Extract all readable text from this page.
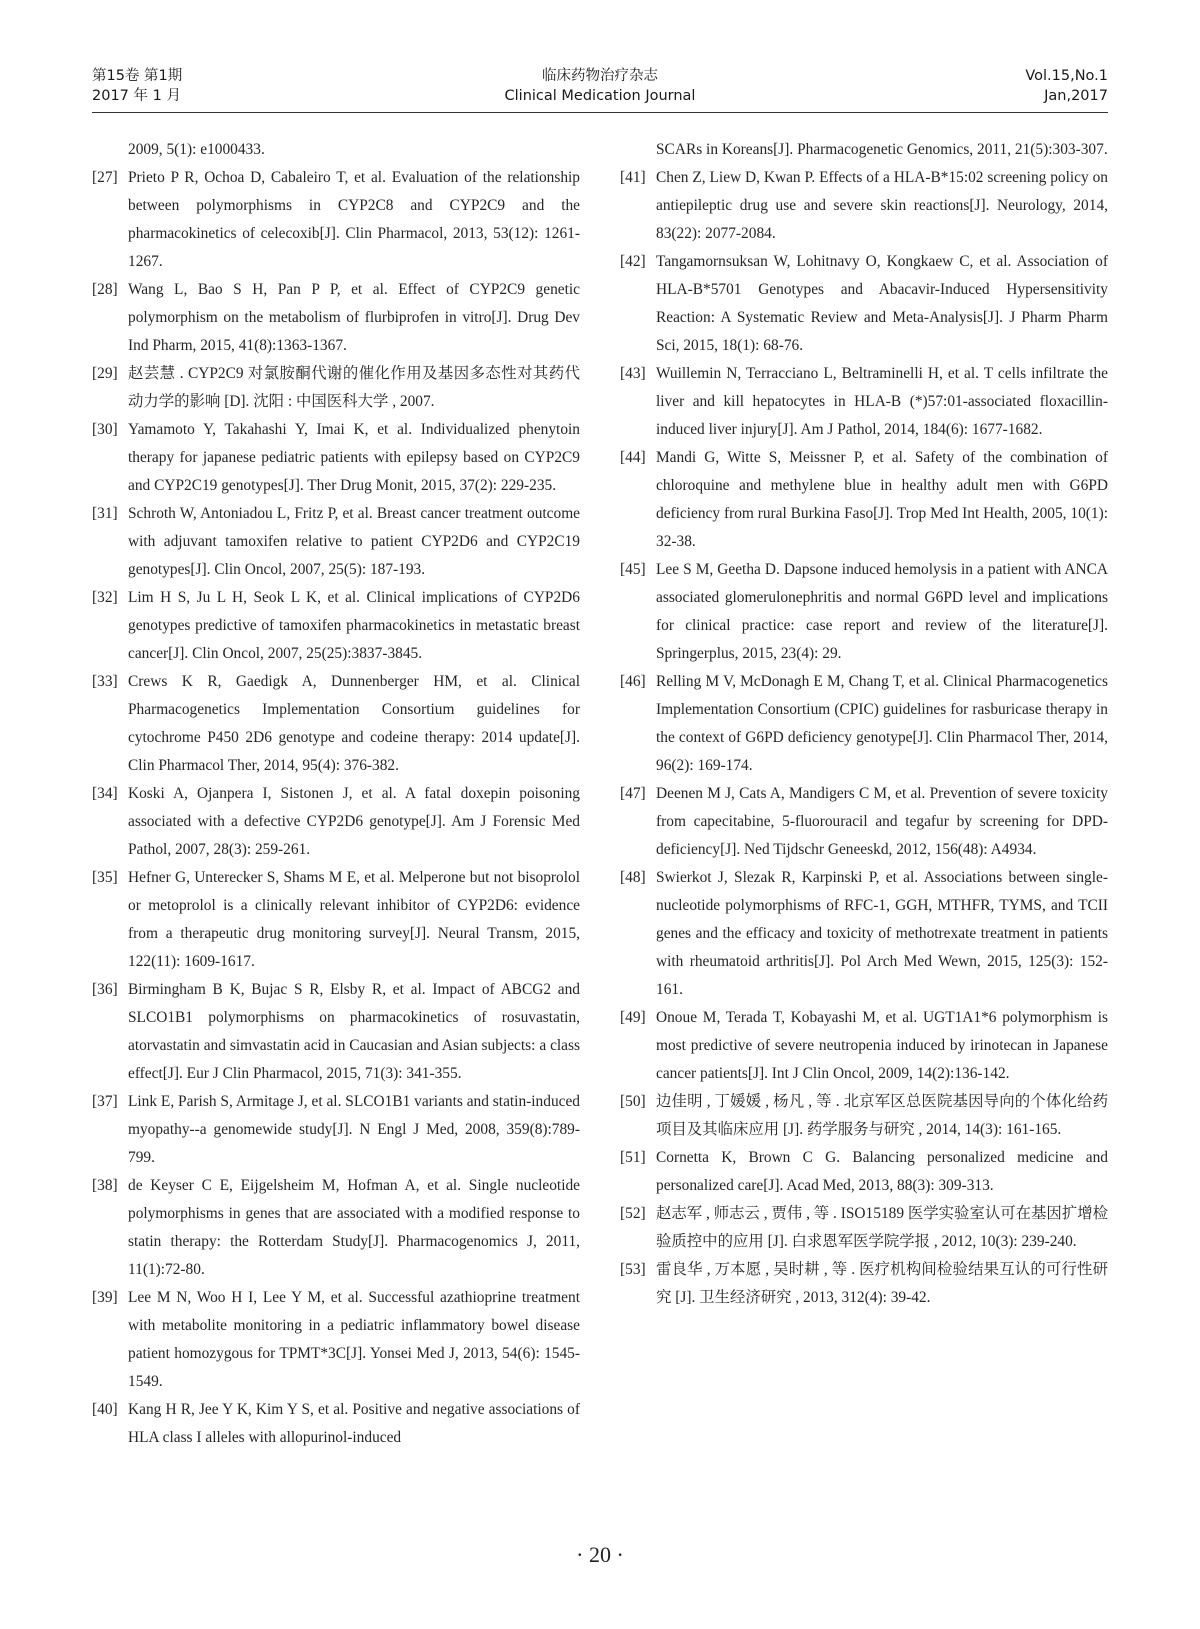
第15卷 第1期
2017 年 1 月
临床药物治疗杂志
Clinical Medication Journal
Vol.15,No.1
Jan,2017

2009, 5(1): e1000433.

[27] Prieto P R, Ochoa D, Cabaleiro T, et al. Evaluation of the relationship between polymorphisms in CYP2C8 and CYP2C9 and the pharmacokinetics of celecoxib[J]. Clin Pharmacol, 2013, 53(12): 1261-1267.

[28] Wang L, Bao S H, Pan P P, et al. Effect of CYP2C9 genetic polymorphism on the metabolism of flurbiprofen in vitro[J]. Drug Dev Ind Pharm, 2015, 41(8):1363-1367.

[29] 赵芸慧 . CYP2C9 对氯胺酮代谢的催化作用及基因多态性对其药代动力学的影响 [D]. 沈阳 : 中国医科大学 , 2007.

[30] Yamamoto Y, Takahashi Y, Imai K, et al. Individualized phenytoin therapy for japanese pediatric patients with epilepsy based on CYP2C9 and CYP2C19 genotypes[J]. Ther Drug Monit, 2015, 37(2): 229-235.

[31] Schroth W, Antoniadou L, Fritz P, et al. Breast cancer treatment outcome with adjuvant tamoxifen relative to patient CYP2D6 and CYP2C19 genotypes[J]. Clin Oncol, 2007, 25(5): 187-193.

[32] Lim H S, Ju L H, Seok L K, et al. Clinical implications of CYP2D6 genotypes predictive of tamoxifen pharmacokinetics in metastatic breast cancer[J]. Clin Oncol, 2007, 25(25):3837-3845.

[33] Crews K R, Gaedigk A, Dunnenberger HM, et al. Clinical Pharmacogenetics Implementation Consortium guidelines for cytochrome P450 2D6 genotype and codeine therapy: 2014 update[J]. Clin Pharmacol Ther, 2014, 95(4): 376-382.

[34] Koski A, Ojanpera I, Sistonen J, et al. A fatal doxepin poisoning associated with a defective CYP2D6 genotype[J]. Am J Forensic Med Pathol, 2007, 28(3): 259-261.

[35] Hefner G, Unterecker S, Shams M E, et al. Melperone but not bisoprolol or metoprolol is a clinically relevant inhibitor of CYP2D6: evidence from a therapeutic drug monitoring survey[J]. Neural Transm, 2015, 122(11): 1609-1617.

[36] Birmingham B K, Bujac S R, Elsby R, et al. Impact of ABCG2 and SLCO1B1 polymorphisms on pharmacokinetics of rosuvastatin, atorvastatin and simvastatin acid in Caucasian and Asian subjects: a class effect[J]. Eur J Clin Pharmacol, 2015, 71(3): 341-355.

[37] Link E, Parish S, Armitage J, et al. SLCO1B1 variants and statin-induced myopathy--a genomewide study[J]. N Engl J Med, 2008, 359(8):789-799.

[38] de Keyser C E, Eijgelsheim M, Hofman A, et al. Single nucleotide polymorphisms in genes that are associated with a modified response to statin therapy: the Rotterdam Study[J]. Pharmacogenomics J, 2011, 11(1):72-80.

[39] Lee M N, Woo H I, Lee Y M, et al. Successful azathioprine treatment with metabolite monitoring in a pediatric inflammatory bowel disease patient homozygous for TPMT*3C[J]. Yonsei Med J, 2013, 54(6): 1545-1549.

[40] Kang H R, Jee Y K, Kim Y S, et al. Positive and negative associations of HLA class I alleles with allopurinol-induced

SCARs in Koreans[J]. Pharmacogenetic Genomics, 2011, 21(5):303-307.

[41] Chen Z, Liew D, Kwan P. Effects of a HLA-B*15:02 screening policy on antiepileptic drug use and severe skin reactions[J]. Neurology, 2014, 83(22): 2077-2084.

[42] Tangamornsuksan W, Lohitnavy O, Kongkaew C, et al. Association of HLA-B*5701 Genotypes and Abacavir-Induced Hypersensitivity Reaction: A Systematic Review and Meta-Analysis[J]. J Pharm Pharm Sci, 2015, 18(1): 68-76.

[43] Wuillemin N, Terracciano L, Beltraminelli H, et al. T cells infiltrate the liver and kill hepatocytes in HLA-B (*)57:01-associated floxacillin-induced liver injury[J]. Am J Pathol, 2014, 184(6): 1677-1682.

[44] Mandi G, Witte S, Meissner P, et al. Safety of the combination of chloroquine and methylene blue in healthy adult men with G6PD deficiency from rural Burkina Faso[J]. Trop Med Int Health, 2005, 10(1): 32-38.

[45] Lee S M, Geetha D. Dapsone induced hemolysis in a patient with ANCA associated glomerulonephritis and normal G6PD level and implications for clinical practice: case report and review of the literature[J]. Springerplus, 2015, 23(4): 29.

[46] Relling M V, McDonagh E M, Chang T, et al. Clinical Pharmacogenetics Implementation Consortium (CPIC) guidelines for rasburicase therapy in the context of G6PD deficiency genotype[J]. Clin Pharmacol Ther, 2014, 96(2): 169-174.

[47] Deenen M J, Cats A, Mandigers C M, et al. Prevention of severe toxicity from capecitabine, 5-fluorouracil and tegafur by screening for DPD-deficiency[J]. Ned Tijdschr Geneeskd, 2012, 156(48): A4934.

[48] Swierkot J, Slezak R, Karpinski P, et al. Associations between single-nucleotide polymorphisms of RFC-1, GGH, MTHFR, TYMS, and TCII genes and the efficacy and toxicity of methotrexate treatment in patients with rheumatoid arthritis[J]. Pol Arch Med Wewn, 2015, 125(3): 152-161.

[49] Onoue M, Terada T, Kobayashi M, et al. UGT1A1*6 polymorphism is most predictive of severe neutropenia induced by irinotecan in Japanese cancer patients[J]. Int J Clin Oncol, 2009, 14(2):136-142.

[50] 边佳明 , 丁媛媛 , 杨凡 , 等 . 北京军区总医院基因导向的个体化给药项目及其临床应用 [J]. 药学服务与研究 , 2014, 14(3): 161-165.

[51] Cornetta K, Brown C G. Balancing personalized medicine and personalized care[J]. Acad Med, 2013, 88(3): 309-313.

[52] 赵志军 , 师志云 , 贾伟 , 等 . ISO15189 医学实验室认可在基因扩增检验质控中的应用 [J]. 白求恩军医学院学报 , 2012, 10(3): 239-240.

[53] 雷良华 , 万本愿 , 吴时耕 , 等 . 医疗机构间检验结果互认的可行性研究 [J]. 卫生经济研究 , 2013, 312(4): 39-42.

· 20 ·
